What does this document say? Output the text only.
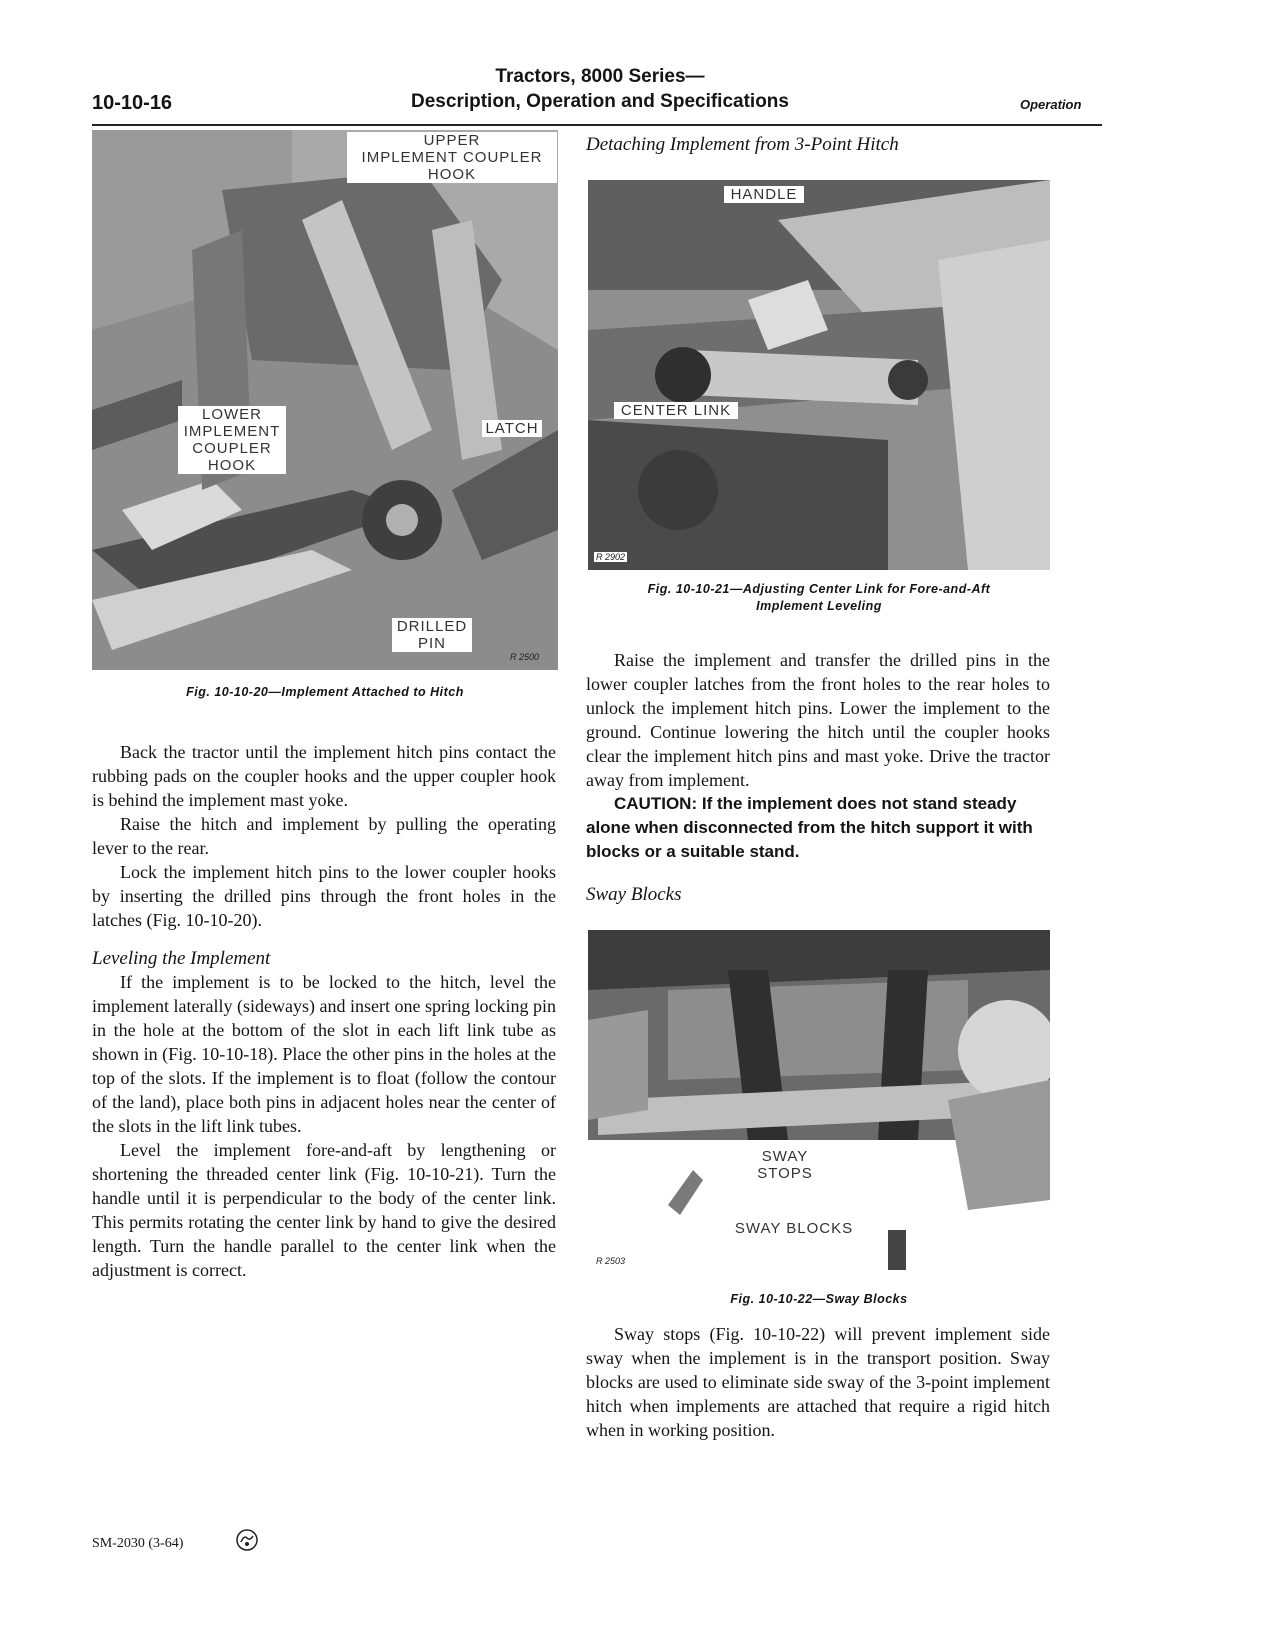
10-10-16
Tractors, 8000 Series—
Description, Operation and Specifications	Operation
UPPER
IMPLEMENT COUPLER
HOOK
LOWER
IMPLEMENT
COUPLER
HOOK
LATCH
DRILLED
PIN
R 2500
Fig. 10-10-20—Implement Attached to Hitch

Back the tractor until the implement hitch pins contact the rubbing pads on the coupler hooks and the upper coupler hook is behind the implement mast yoke.

Raise the hitch and implement by pulling the operating lever to the rear.

Lock the implement hitch pins to the lower coupler hooks by inserting the drilled pins through the front holes in the latches (Fig. 10-10-20).

Leveling the Implement

If the implement is to be locked to the hitch, level the implement laterally (sideways) and insert one spring locking pin in the hole at the bottom of the slot in each lift link tube as shown in (Fig. 10-10-18). Place the other pins in the holes at the top of the slots. If the implement is to float (follow the contour of the land), place both pins in adjacent holes near the center of the slots in the lift link tubes.

Level the implement fore-and-aft by lengthening or shortening the threaded center link (Fig. 10-10-21). Turn the handle until it is perpendicular to the body of the center link. This permits rotating the center link by hand to give the desired length. Turn the handle parallel to the center link when the adjustment is correct.

Detaching Implement from 3-Point Hitch
HANDLE
CENTER LINK
R 2902
Fig. 10-10-21—Adjusting Center Link for Fore-and-Aft
Implement Leveling

Raise the implement and transfer the drilled pins in the lower coupler latches from the front holes to the rear holes to unlock the implement hitch pins. Lower the implement to the ground. Continue lowering the hitch until the coupler hooks clear the implement hitch pins and mast yoke. Drive the tractor away from implement.

CAUTION: If the implement does not stand steady alone when disconnected from the hitch support it with blocks or a suitable stand.

Sway Blocks
SWAY
STOPS
SWAY BLOCKS
R 2503
Fig. 10-10-22—Sway Blocks

Sway stops (Fig. 10-10-22) will prevent implement side sway when the implement is in the transport position. Sway blocks are used to eliminate side sway of the 3-point implement hitch when implements are attached that require a rigid hitch when in working position.

SM-2030 (3-64)
